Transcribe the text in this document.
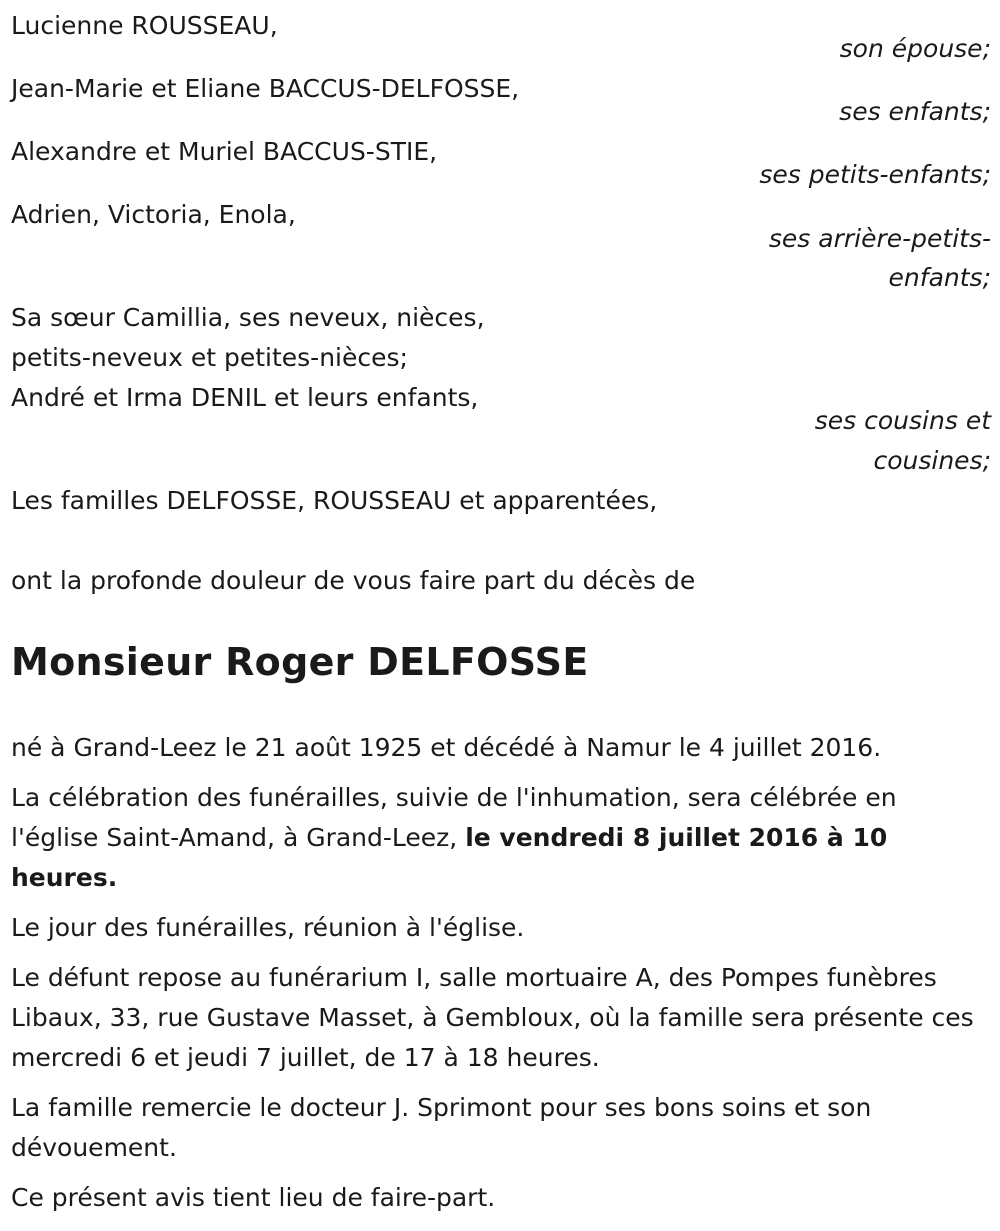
Lucienne ROUSSEAU,
son épouse;
Jean-Marie et Eliane BACCUS-DELFOSSE,
ses enfants;
Alexandre et Muriel BACCUS-STIE,
ses petits-enfants;
Adrien, Victoria, Enola,
ses arrière-petits-
enfants;
Sa sœur Camillia, ses neveux, nièces,
petits-neveux et petites-nièces;
André et Irma DENIL et leurs enfants,
ses cousins et
cousines;
Les familles DELFOSSE, ROUSSEAU et apparentées,
ont la profonde douleur de vous faire part du décès de
Monsieur Roger DELFOSSE

né à Grand-Leez le 21 août 1925 et décédé à Namur le 4 juillet 2016.

La célébration des funérailles, suivie de l'inhumation, sera célébrée en l'église Saint-Amand, à Grand-Leez, le vendredi 8 juillet 2016 à 10 heures.

Le jour des funérailles, réunion à l'église.

Le défunt repose au funérarium I, salle mortuaire A, des Pompes funèbres Libaux, 33, rue Gustave Masset, à Gembloux, où la famille sera présente ces mercredi 6 et jeudi 7 juillet, de 17 à 18 heures.

La famille remercie le docteur J. Sprimont pour ses bons soins et son dévouement.

Ce présent avis tient lieu de faire-part.
